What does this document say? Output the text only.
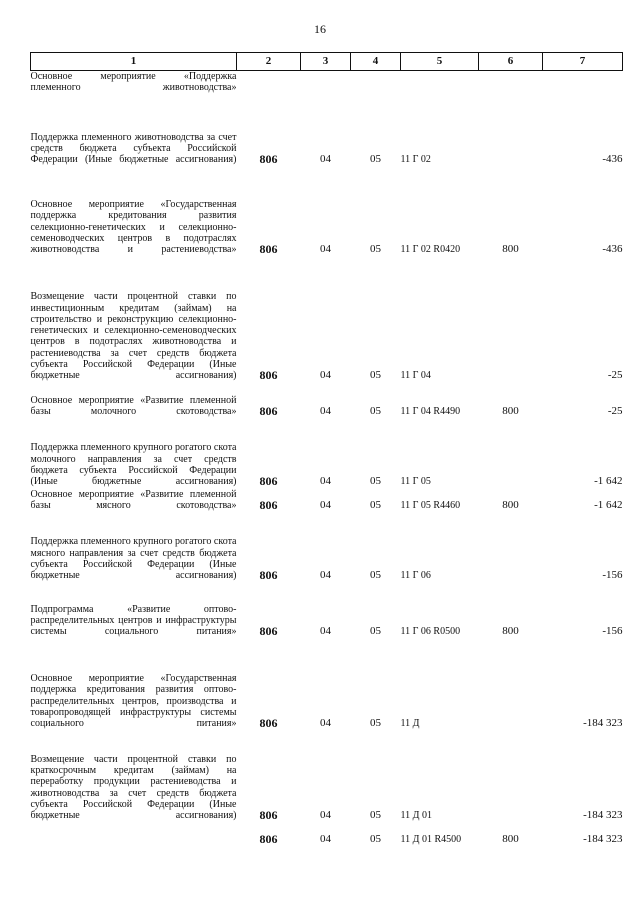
16
1	2	3	4	5	6	7

Основное мероприятие «Поддержка племенного животноводства»						

Поддержка племенного животноводства за счет средств бюджета субъекта Российской Федерации (Иные бюджетные ассигнования)	806	04	05	11 Г 02		-436

Основное мероприятие «Государственная поддержка кредитования развития селекционно-генетических и селекционно-семеноводческих центров в подотраслях животноводства и растениеводства»	806	04	05	11 Г 02 R0420	800	-436

Возмещение части процентной ставки по инвестиционным кредитам (займам) на строительство и реконструкцию селекционно-генетических и селекционно-семеноводческих центров в подотраслях животноводства и растениеводства за счет средств бюджета субъекта Российской Федерации (Иные бюджетные ассигнования)	806	04	05	11 Г 04		-25

Основное мероприятие «Развитие племенной базы молочного скотоводства»	806	04	05	11 Г 04 R4490	800	-25

Поддержка племенного крупного рогатого скота молочного направления за счет средств бюджета субъекта Российской Федерации (Иные бюджетные ассигнования)	806	04	05	11 Г 05		-1 642

Основное мероприятие «Развитие племенной базы мясного скотоводства»	806	04	05	11 Г 05 R4460	800	-1 642

Поддержка племенного крупного рогатого скота мясного направления за счет средств бюджета субъекта Российской Федерации (Иные бюджетные ассигнования)	806	04	05	11 Г 06		-156

Подпрограмма «Развитие оптово-распределительных центров и инфраструктуры системы социального питания»	806	04	05	11 Г 06 R0500	800	-156

Основное мероприятие «Государственная поддержка кредитования развития оптово-распределительных центров, производства и товаропроводящей инфраструктуры системы социального питания»	806	04	05	11 Д		-184 323

Возмещение части процентной ставки по краткосрочным кредитам (займам) на переработку продукции растениеводства и животноводства за счет средств бюджета субъекта Российской Федерации (Иные бюджетные ассигнования)	806	04	05	11 Д 01		-184 323

	806	04	05	11 Д 01 R4500	800	-184 323
